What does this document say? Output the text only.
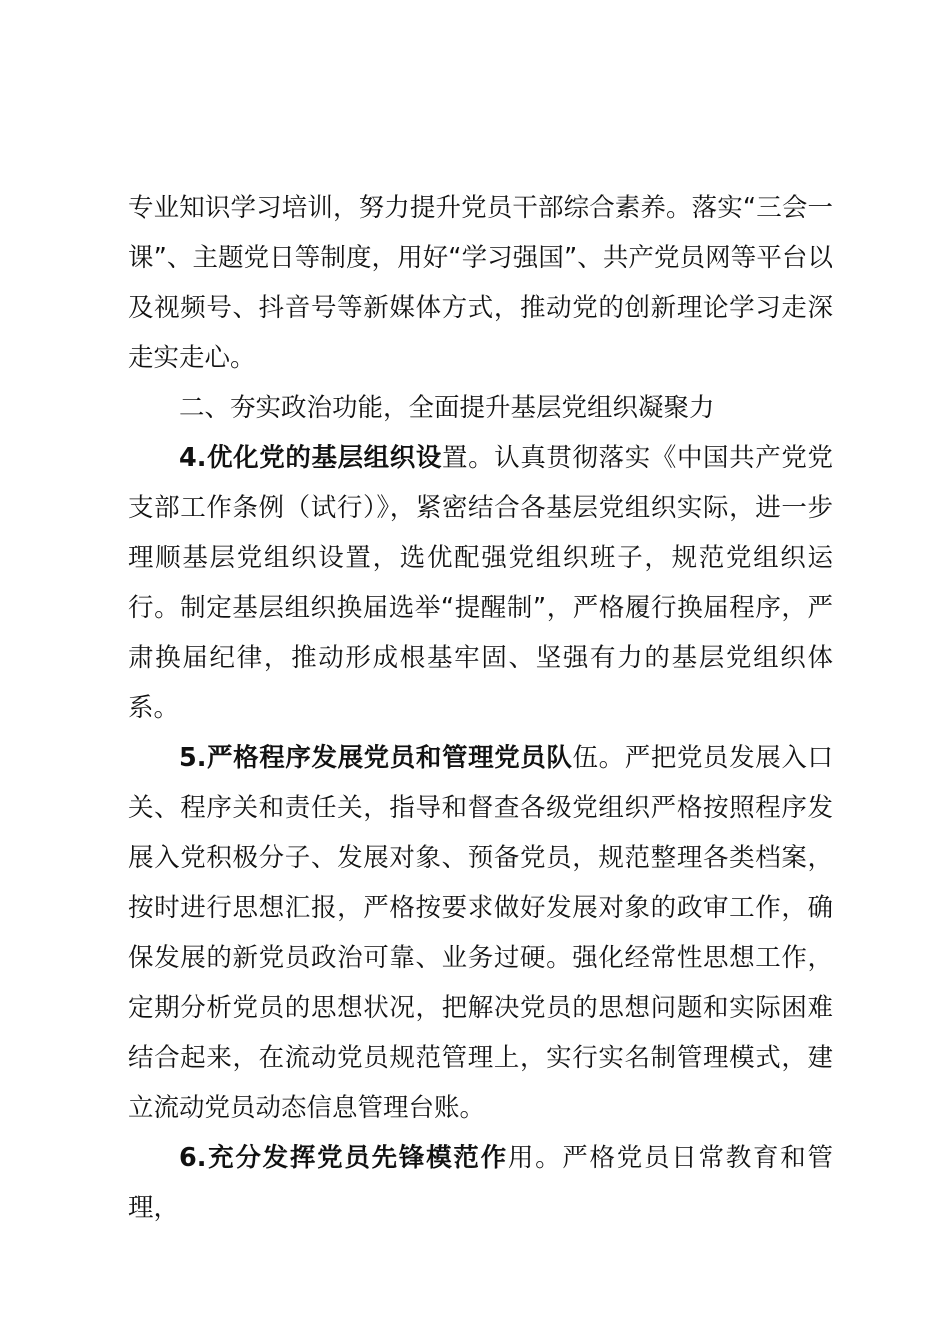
专业知识学习培训，努力提升党员干部综合素养。落实“三会一课”、主题党日等制度，用好“学习强国”、共产党员网等平台以及视频号、抖音号等新媒体方式，推动党的创新理论学习走深走实走心。

二、夯实政治功能，全面提升基层党组织凝聚力

4.优化党的基层组织设置。认真贯彻落实《中国共产党党支部工作条例（试行）》，紧密结合各基层党组织实际，进一步理顺基层党组织设置，选优配强党组织班子，规范党组织运行。制定基层组织换届选举“提醒制”，严格履行换届程序，严肃换届纪律，推动形成根基牢固、坚强有力的基层党组织体系。

5.严格程序发展党员和管理党员队伍。严把党员发展入口关、程序关和责任关，指导和督查各级党组织严格按照程序发展入党积极分子、发展对象、预备党员，规范整理各类档案，按时进行思想汇报，严格按要求做好发展对象的政审工作，确保发展的新党员政治可靠、业务过硬。强化经常性思想工作，定期分析党员的思想状况，把解决党员的思想问题和实际困难结合起来，在流动党员规范管理上，实行实名制管理模式，建立流动党员动态信息管理台账。

6.充分发挥党员先锋模范作用。严格党员日常教育和管理，
